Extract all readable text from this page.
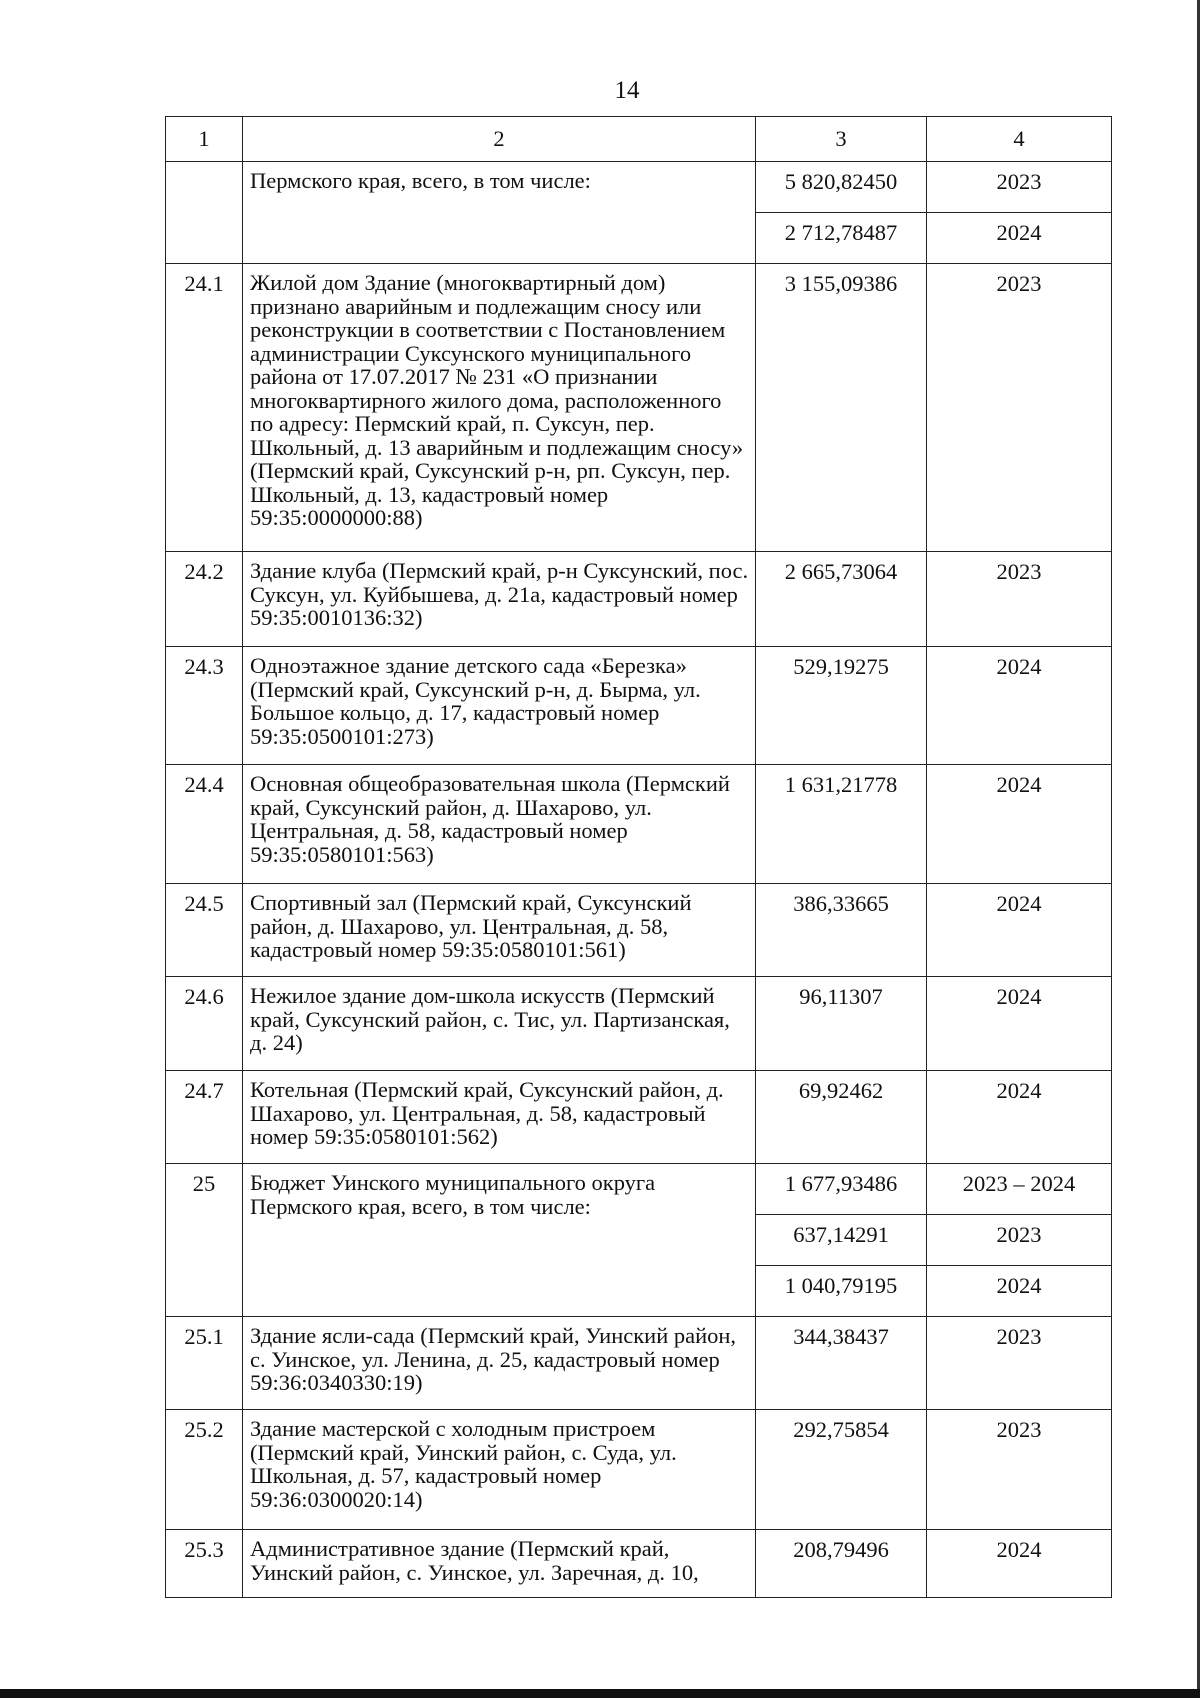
14
1	2	3	4
	Пермского края, всего, в том числе:	5 820,82450	2023
		2 712,78487	2024
24.1	Жилой дом Здание (многоквартирный дом) признано аварийным и подлежащим сносу или реконструкции в соответствии с Постановлением администрации Суксунского муниципального района от 17.07.2017 № 231 «О признании многоквартирного жилого дома, расположенного по адресу: Пермский край, п. Суксун, пер. Школьный, д. 13 аварийным и подлежащим сносу» (Пермский край, Суксунский р-н, рп. Суксун, пер. Школьный, д. 13, кадастровый номер 59:35:0000000:88)	3 155,09386	2023
24.2	Здание клуба (Пермский край, р-н Суксунский, пос. Суксун, ул. Куйбышева, д. 21а, кадастровый номер 59:35:0010136:32)	2 665,73064	2023
24.3	Одноэтажное здание детского сада «Березка» (Пермский край, Суксунский р-н, д. Бырма, ул. Большое кольцо, д. 17, кадастровый номер 59:35:0500101:273)	529,19275	2024
24.4	Основная общеобразовательная школа (Пермский край, Суксунский район, д. Шахарово, ул. Центральная, д. 58, кадастровый номер 59:35:0580101:563)	1 631,21778	2024
24.5	Спортивный зал (Пермский край, Суксунский район, д. Шахарово, ул. Центральная, д. 58, кадастровый номер 59:35:0580101:561)	386,33665	2024
24.6	Нежилое здание дом-школа искусств (Пермский край, Суксунский район, с. Тис, ул. Партизанская, д. 24)	96,11307	2024
24.7	Котельная (Пермский край, Суксунский район, д. Шахарово, ул. Центральная, д. 58, кадастровый номер 59:35:0580101:562)	69,92462	2024
25	Бюджет Уинского муниципального округа Пермского края, всего, в том числе:	1 677,93486	2023 – 2024
		637,14291	2023
		1 040,79195	2024
25.1	Здание ясли-сада (Пермский край, Уинский район, с. Уинское, ул. Ленина, д. 25, кадастровый номер 59:36:0340330:19)	344,38437	2023
25.2	Здание мастерской с холодным пристроем (Пермский край, Уинский район, с. Суда, ул. Школьная, д. 57, кадастровый номер 59:36:0300020:14)	292,75854	2023
25.3	Административное здание (Пермский край, Уинский район, с. Уинское, ул. Заречная, д. 10,	208,79496	2024
